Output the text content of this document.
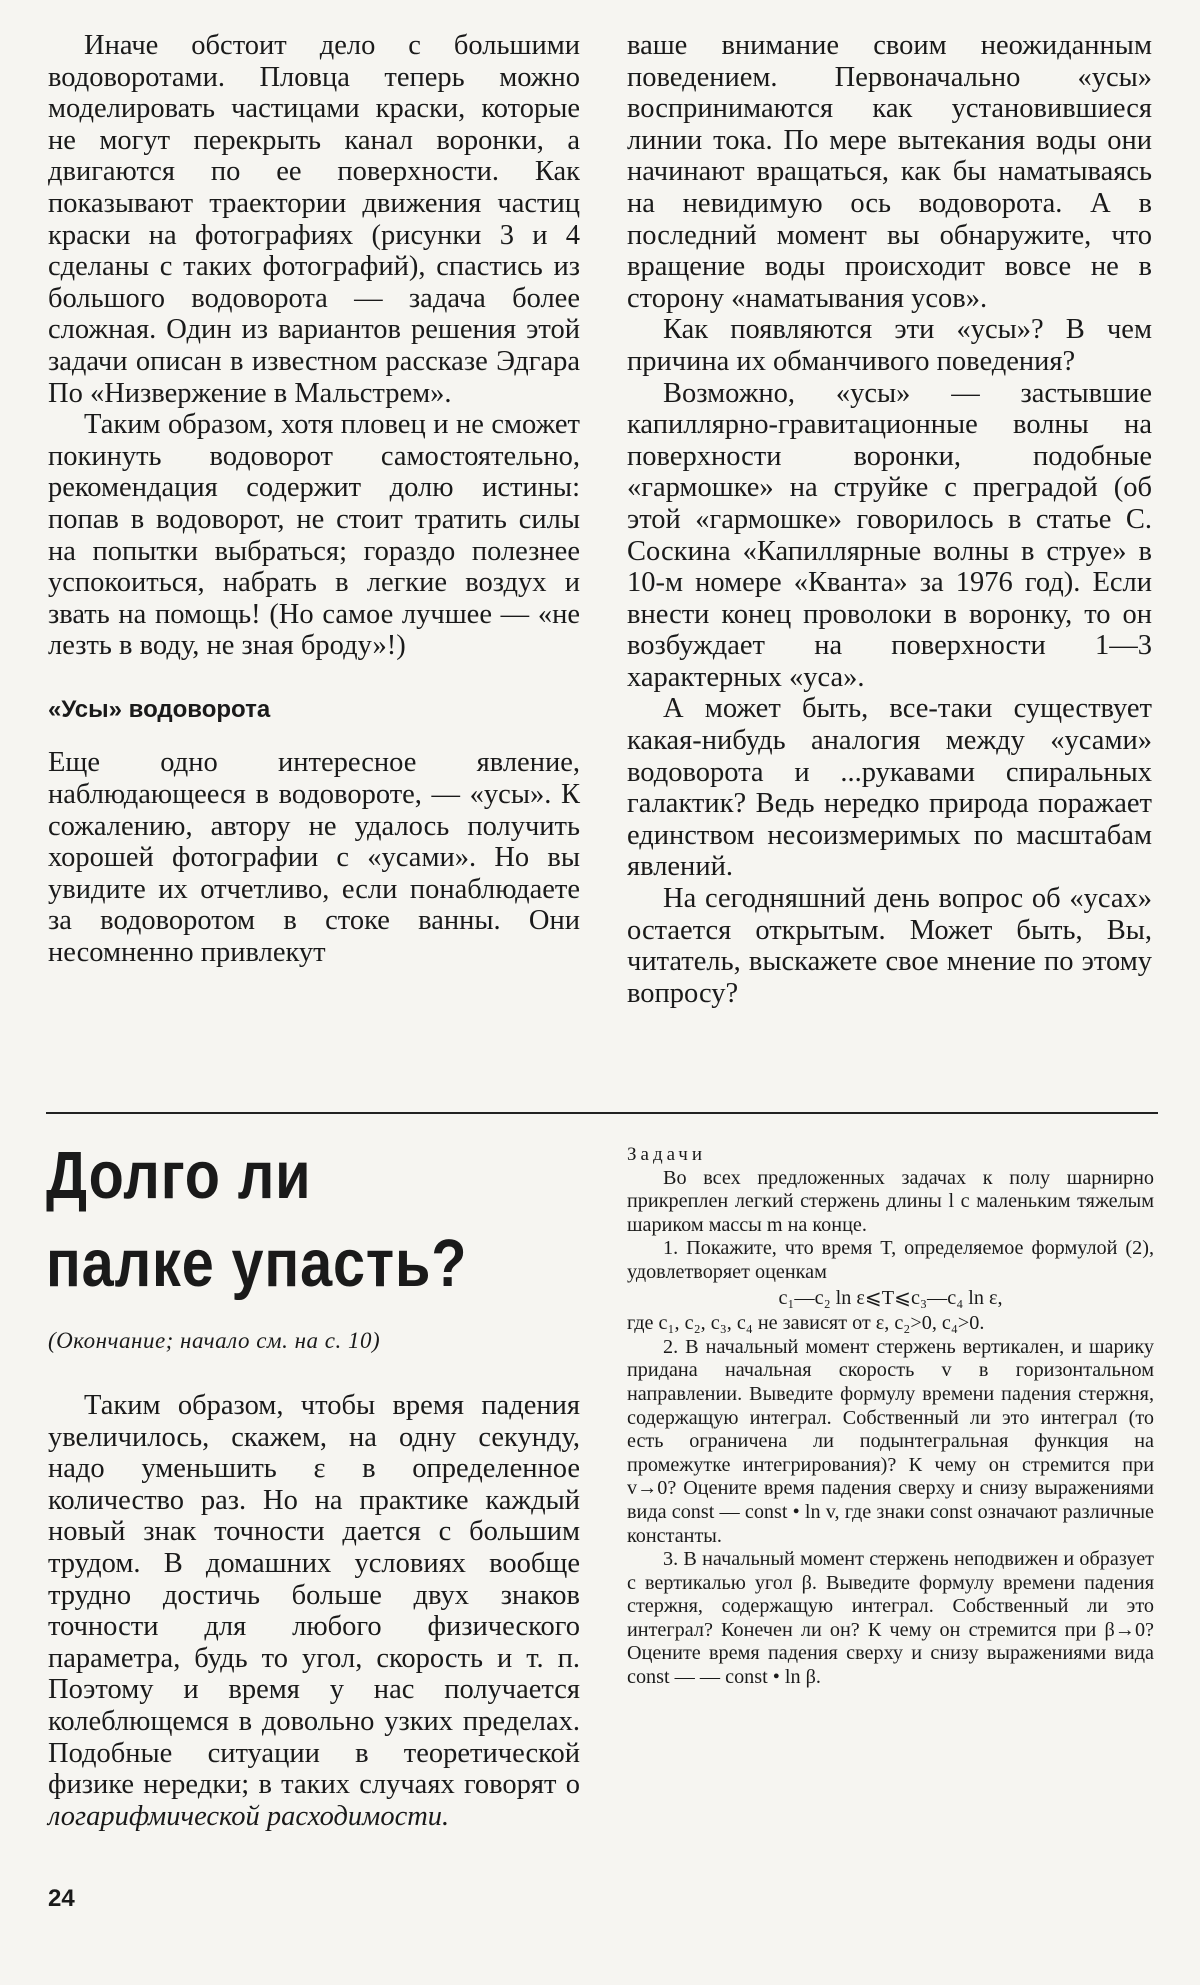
Иначе обстоит дело с большими водоворотами. Пловца теперь можно моделировать частицами краски, которые не могут перекрыть канал воронки, а двигаются по ее поверхности. Как показывают траектории движения частиц краски на фотографиях (рисунки 3 и 4 сделаны с таких фотографий), спастись из большого водоворота — задача более сложная. Один из вариантов решения этой задачи описан в известном рассказе Эдгара По «Низвержение в Мальстрем».

Таким образом, хотя пловец и не сможет покинуть водоворот самостоятельно, рекомендация содержит долю истины: попав в водоворот, не стоит тратить силы на попытки выбраться; гораздо полезнее успокоиться, набрать в легкие воздух и звать на помощь! (Но самое лучшее — «не лезть в воду, не зная броду»!)

«Усы» водоворота

Еще одно интересное явление, наблюдающееся в водовороте, — «усы». К сожалению, автору не удалось получить хорошей фотографии с «усами». Но вы увидите их отчетливо, если понаблюдаете за водоворотом в стоке ванны. Они несомненно привлекут

ваше внимание своим неожиданным поведением. Первоначально «усы» воспринимаются как установившиеся линии тока. По мере вытекания воды они начинают вращаться, как бы наматываясь на невидимую ось водоворота. А в последний момент вы обнаружите, что вращение воды происходит вовсе не в сторону «наматывания усов».

Как появляются эти «усы»? В чем причина их обманчивого поведения?

Возможно, «усы» — застывшие капиллярно-гравитационные волны на поверхности воронки, подобные «гармошке» на струйке с преградой (об этой «гармошке» говорилось в статье С. Соскина «Капиллярные волны в струе» в 10-м номере «Кванта» за 1976 год). Если внести конец проволоки в воронку, то он возбуждает на поверхности 1—3 характерных «уса».

А может быть, все-таки существует какая-нибудь аналогия между «усами» водоворота и ...рукавами спиральных галактик? Ведь нередко природа поражает единством несоизмеримых по масштабам явлений.

На сегодняшний день вопрос об «усах» остается открытым. Может быть, Вы, читатель, выскажете свое мнение по этому вопросу?

Долго ли
палке упасть?
(Окончание; начало см. на с. 10)

Таким образом, чтобы время падения увеличилось, скажем, на одну секунду, надо уменьшить ε в определенное количество раз. Но на практике каждый новый знак точности дается с большим трудом. В домашних условиях вообще трудно достичь больше двух знаков точности для любого физического параметра, будь то угол, скорость и т. п. Поэтому и время у нас получается колеблющемся в довольно узких пределах. Подобные ситуации в теоретической физике нередки; в таких случаях говорят о логарифмической расходимости.

Задачи

Во всех предложенных задачах к полу шарнирно прикреплен легкий стержень длины l с маленьким тяжелым шариком массы m на конце.

1. Покажите, что время T, определяемое формулой (2), удовлетворяет оценкам

c₁—c₂ ln ε⩽T⩽c₃—c₄ ln ε,

где c₁, c₂, c₃, c₄ не зависят от ε, c₂>0, c₄>0.

2. В начальный момент стержень вертикален, и шарику придана начальная скорость v в горизонтальном направлении. Выведите формулу времени падения стержня, содержащую интеграл. Собственный ли это интеграл (то есть ограничена ли подынтегральная функция на промежутке интегрирования)? К чему он стремится при v→0? Оцените время падения сверху и снизу выражениями вида const — const • ln v, где знаки const означают различные константы.

3. В начальный момент стержень неподвижен и образует с вертикалью угол β. Выведите формулу времени падения стержня, содержащую интеграл. Собственный ли это интеграл? Конечен ли он? К чему он стремится при β→0? Оцените время падения сверху и снизу выражениями вида const — — const • ln β.

24
